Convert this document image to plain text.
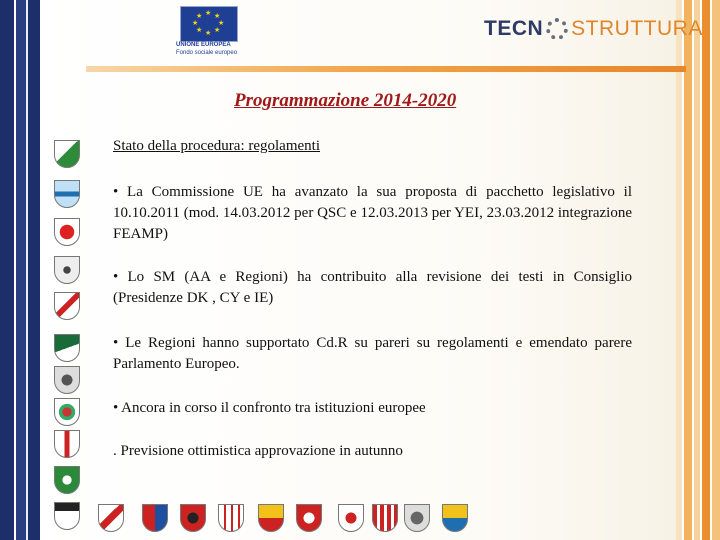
★ ★
★
★
★
★
★
★
UNIONE EUROPEA
Fondo sociale europeo
TECN STRUTTURA
Programmazione 2014-2020
Stato della procedura: regolamenti
• La Commissione UE ha avanzato la sua proposta di pacchetto legislativo il 10.10.2011 (mod. 14.03.2012 per QSC e 12.03.2013 per YEI, 23.03.2012 integrazione FEAMP)
• Lo SM (AA e Regioni) ha contribuito alla revisione dei testi in Consiglio (Presidenze DK , CY e IE)
• Le Regioni hanno supportato Cd.R su pareri su regolamenti e emendato parere Parlamento Europeo.
• Ancora in corso il confronto tra istituzioni europee
. Previsione ottimistica approvazione in autunno
